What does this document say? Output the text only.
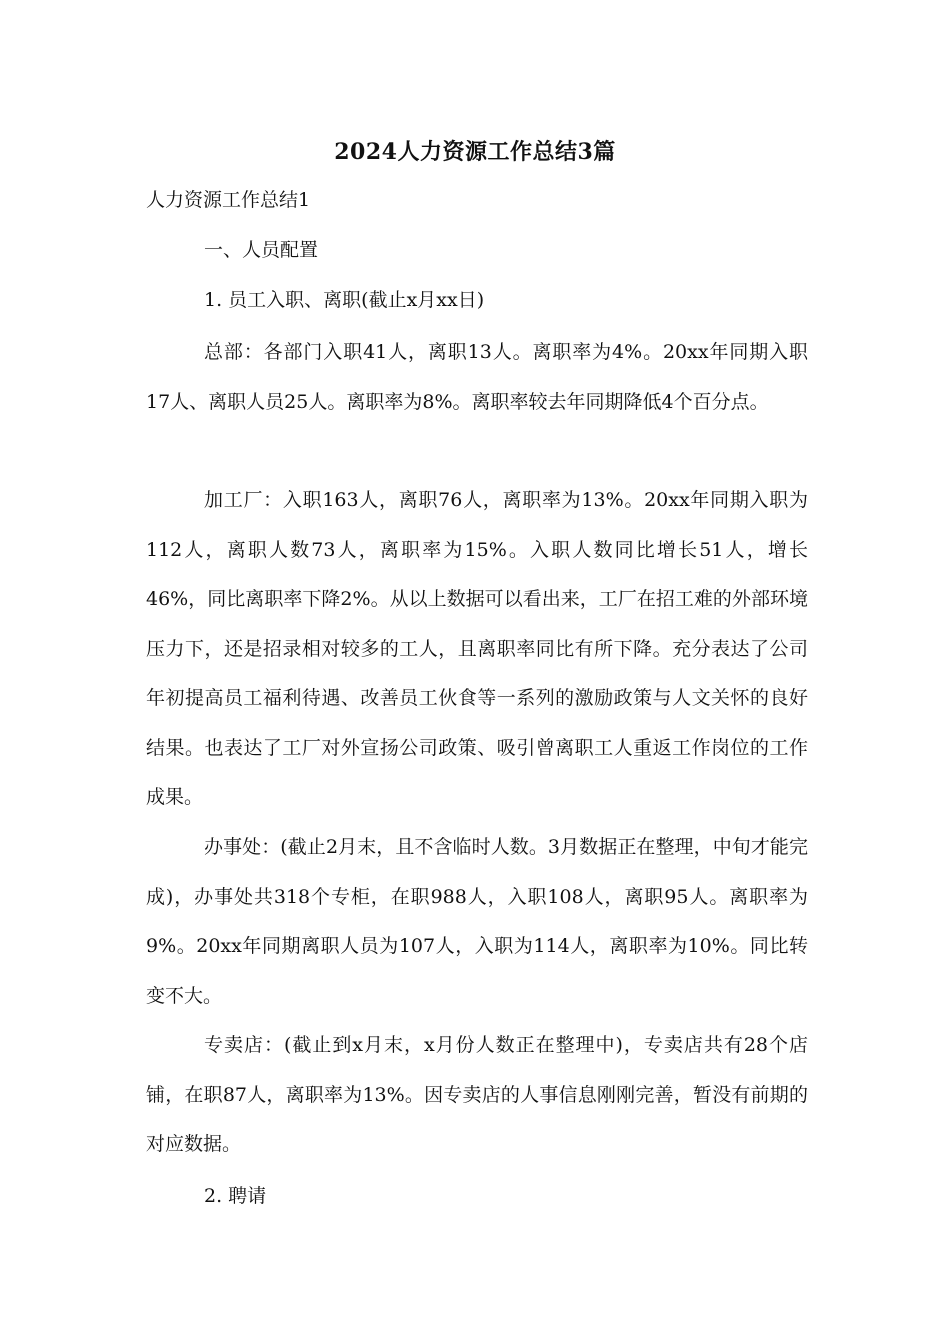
2024人力资源工作总结3篇
人力资源工作总结1
一、人员配置
1. 员工入职、离职(截止x月xx日)
总部：各部门入职41人，离职13人。离职率为4%。20xx年同期入职17人、离职人员25人。离职率为8%。离职率较去年同期降低4个百分点。
加工厂：入职163人，离职76人，离职率为13%。20xx年同期入职为112人，离职人数73人，离职率为15%。入职人数同比增长51人，增长46%，同比离职率下降2%。从以上数据可以看出来，工厂在招工难的外部环境压力下，还是招录相对较多的工人，且离职率同比有所下降。充分表达了公司年初提高员工福利待遇、改善员工伙食等一系列的激励政策与人文关怀的良好结果。也表达了工厂对外宣扬公司政策、吸引曾离职工人重返工作岗位的工作成果。
办事处：(截止2月末，且不含临时人数。3月数据正在整理，中旬才能完成)，办事处共318个专柜，在职988人，入职108人，离职95人。离职率为9%。20xx年同期离职人员为107人，入职为114人，离职率为10%。同比转变不大。
专卖店：(截止到x月末，x月份人数正在整理中)，专卖店共有28个店铺，在职87人，离职率为13%。因专卖店的人事信息刚刚完善，暂没有前期的对应数据。
2. 聘请
